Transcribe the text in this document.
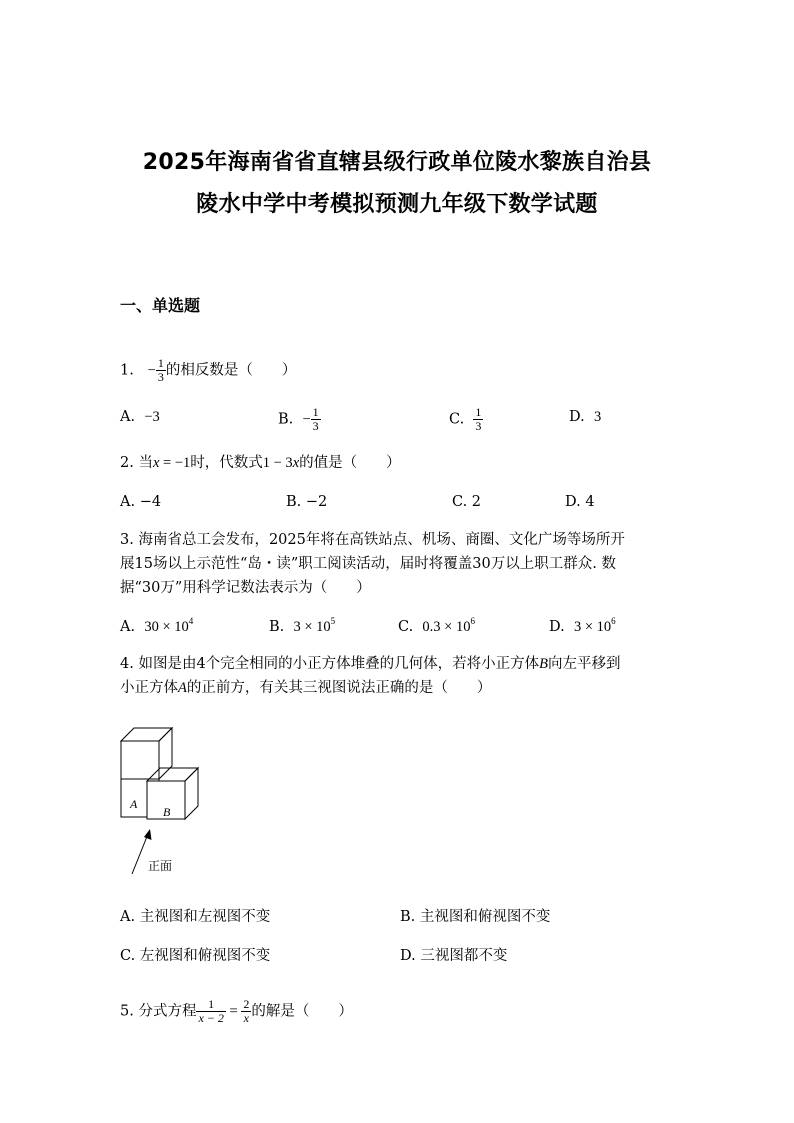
2025年海南省省直辖县级行政单位陵水黎族自治县
陵水中学中考模拟预测九年级下数学试题
一、单选题
1. − $\frac{1}{3}$ 的相反数是（　　）
A. −3	B. − $\frac{1}{3}$	C. $\frac{1}{3}$	D. 3
2. 当x = −1时，代数式1 − 3x的值是（　　）
A. −4	B. −2	C. 2	D. 4
3. 海南省总工会发布，2025年将在高铁站点、机场、商圈、文化广场等场所开
展15场以上示范性“岛・读”职工阅读活动，届时将覆盖30万以上职工群众. 数
据“30万”用科学记数法表示为（　　）
A. $30 \times 10^4$	B. $3 \times 10^5$	C. $0.3 \times 10^6$	D. $3 \times 10^6$
4. 如图是由4个完全相同的小正方体堆叠的几何体，若将小正方体B向左平移到
小正方体A的正前方，有关其三视图说法正确的是（　　）
A
B
正面
A. 主视图和左视图不变	B. 主视图和俯视图不变
C. 左视图和俯视图不变	D. 三视图都不变
5. 分式方程 $\frac{1}{x - 2} = \frac{2}{x}$ 的解是（　　）
